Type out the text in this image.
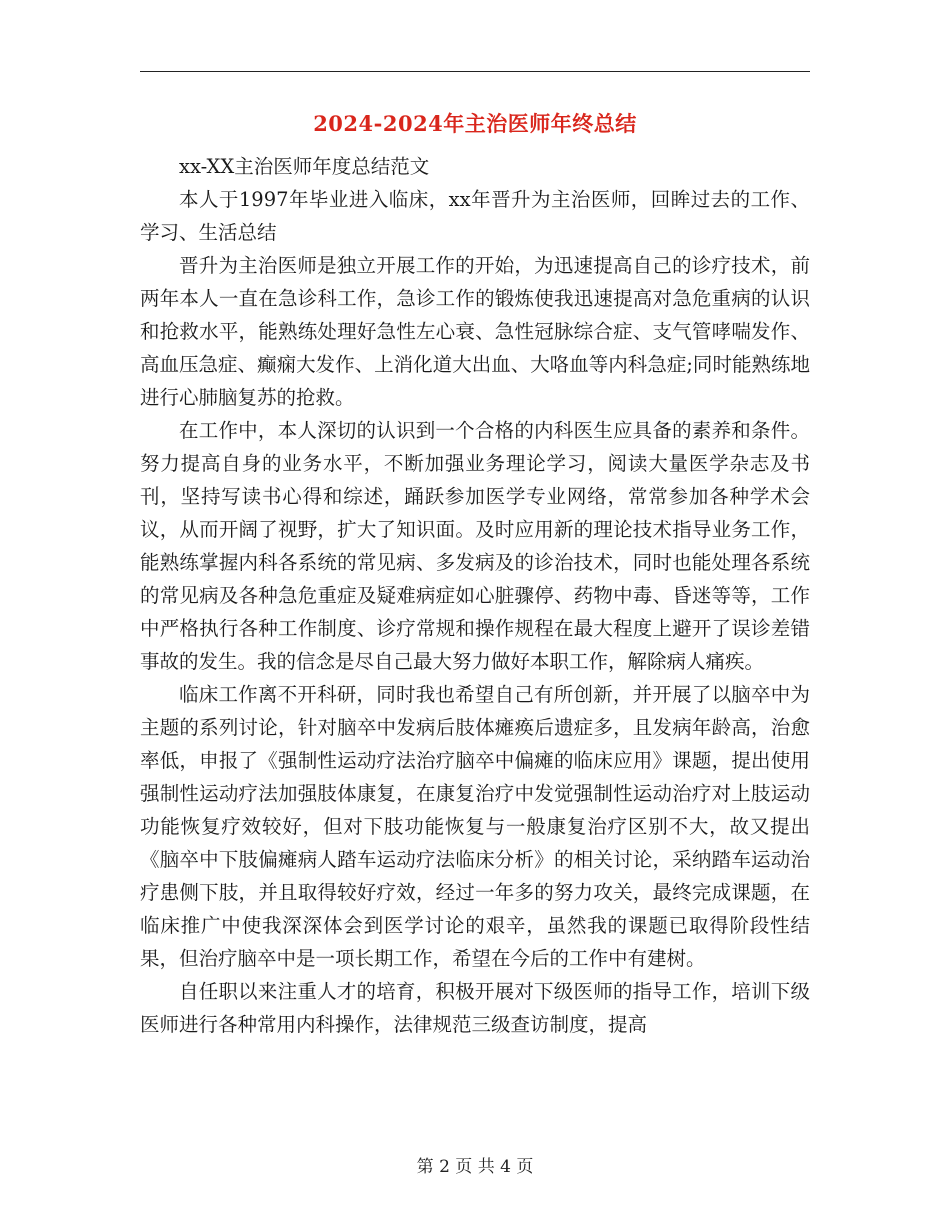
2024-2024年主治医师年终总结

xx-XX主治医师年度总结范文

本人于1997年毕业进入临床，xx年晋升为主治医师，回眸过去的工作、学习、生活总结

晋升为主治医师是独立开展工作的开始，为迅速提高自己的诊疗技术，前两年本人一直在急诊科工作，急诊工作的锻炼使我迅速提高对急危重病的认识和抢救水平，能熟练处理好急性左心衰、急性冠脉综合症、支气管哮喘发作、高血压急症、癫痫大发作、上消化道大出血、大咯血等内科急症;同时能熟练地进行心肺脑复苏的抢救。

在工作中，本人深切的认识到一个合格的内科医生应具备的素养和条件。努力提高自身的业务水平，不断加强业务理论学习，阅读大量医学杂志及书刊，坚持写读书心得和综述，踊跃参加医学专业网络，常常参加各种学术会议，从而开阔了视野，扩大了知识面。及时应用新的理论技术指导业务工作，能熟练掌握内科各系统的常见病、多发病及的诊治技术，同时也能处理各系统的常见病及各种急危重症及疑难病症如心脏骤停、药物中毒、昏迷等等，工作中严格执行各种工作制度、诊疗常规和操作规程在最大程度上避开了误诊差错事故的发生。我的信念是尽自己最大努力做好本职工作，解除病人痛疾。

临床工作离不开科研，同时我也希望自己有所创新，并开展了以脑卒中为主题的系列讨论，针对脑卒中发病后肢体瘫痪后遗症多，且发病年龄高，治愈率低，申报了《强制性运动疗法治疗脑卒中偏瘫的临床应用》课题，提出使用强制性运动疗法加强肢体康复，在康复治疗中发觉强制性运动治疗对上肢运动功能恢复疗效较好，但对下肢功能恢复与一般康复治疗区别不大，故又提出《脑卒中下肢偏瘫病人踏车运动疗法临床分析》的相关讨论，采纳踏车运动治疗患侧下肢，并且取得较好疗效，经过一年多的努力攻关，最终完成课题，在临床推广中使我深深体会到医学讨论的艰辛，虽然我的课题已取得阶段性结果，但治疗脑卒中是一项长期工作，希望在今后的工作中有建树。

自任职以来注重人才的培育，积极开展对下级医师的指导工作，培训下级医师进行各种常用内科操作，法律规范三级查访制度，提高

第 2 页 共 4 页
